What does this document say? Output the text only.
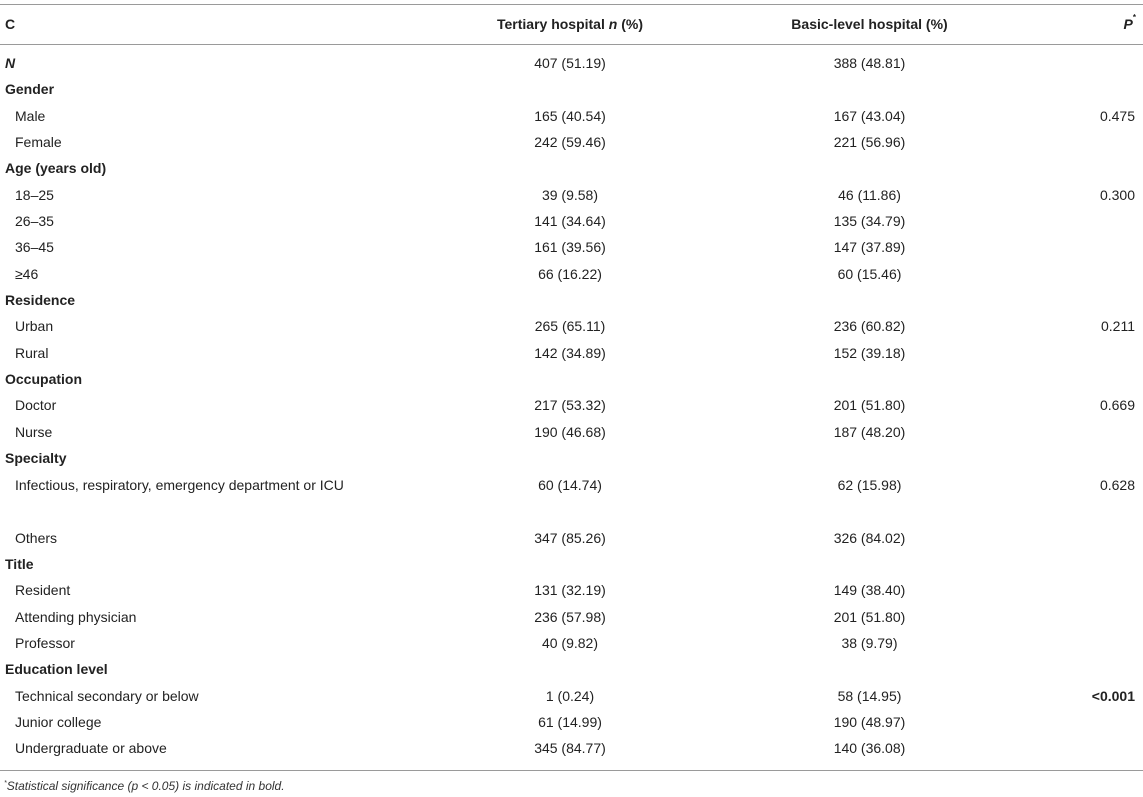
C	Tertiary hospital n (%)	Basic-level hospital (%)	P*
N	407 (51.19)	388 (48.81)
Gender
Male	165 (40.54)	167 (43.04)	0.475
Female	242 (59.46)	221 (56.96)
Age (years old)
18–25	39 (9.58)	46 (11.86)	0.300
26–35	141 (34.64)	135 (34.79)
36–45	161 (39.56)	147 (37.89)
≥46	66 (16.22)	60 (15.46)
Residence
Urban	265 (65.11)	236 (60.82)	0.211
Rural	142 (34.89)	152 (39.18)
Occupation
Doctor	217 (53.32)	201 (51.80)	0.669
Nurse	190 (46.68)	187 (48.20)
Specialty
Infectious, respiratory, emergency department or ICU	60 (14.74)	62 (15.98)	0.628
Others	347 (85.26)	326 (84.02)
Title
Resident	131 (32.19)	149 (38.40)
Attending physician	236 (57.98)	201 (51.80)
Professor	40 (9.82)	38 (9.79)
Education level
Technical secondary or below	1 (0.24)	58 (14.95)	<0.001
Junior college	61 (14.99)	190 (48.97)
Undergraduate or above	345 (84.77)	140 (36.08)
*Statistical significance (p < 0.05) is indicated in bold.
